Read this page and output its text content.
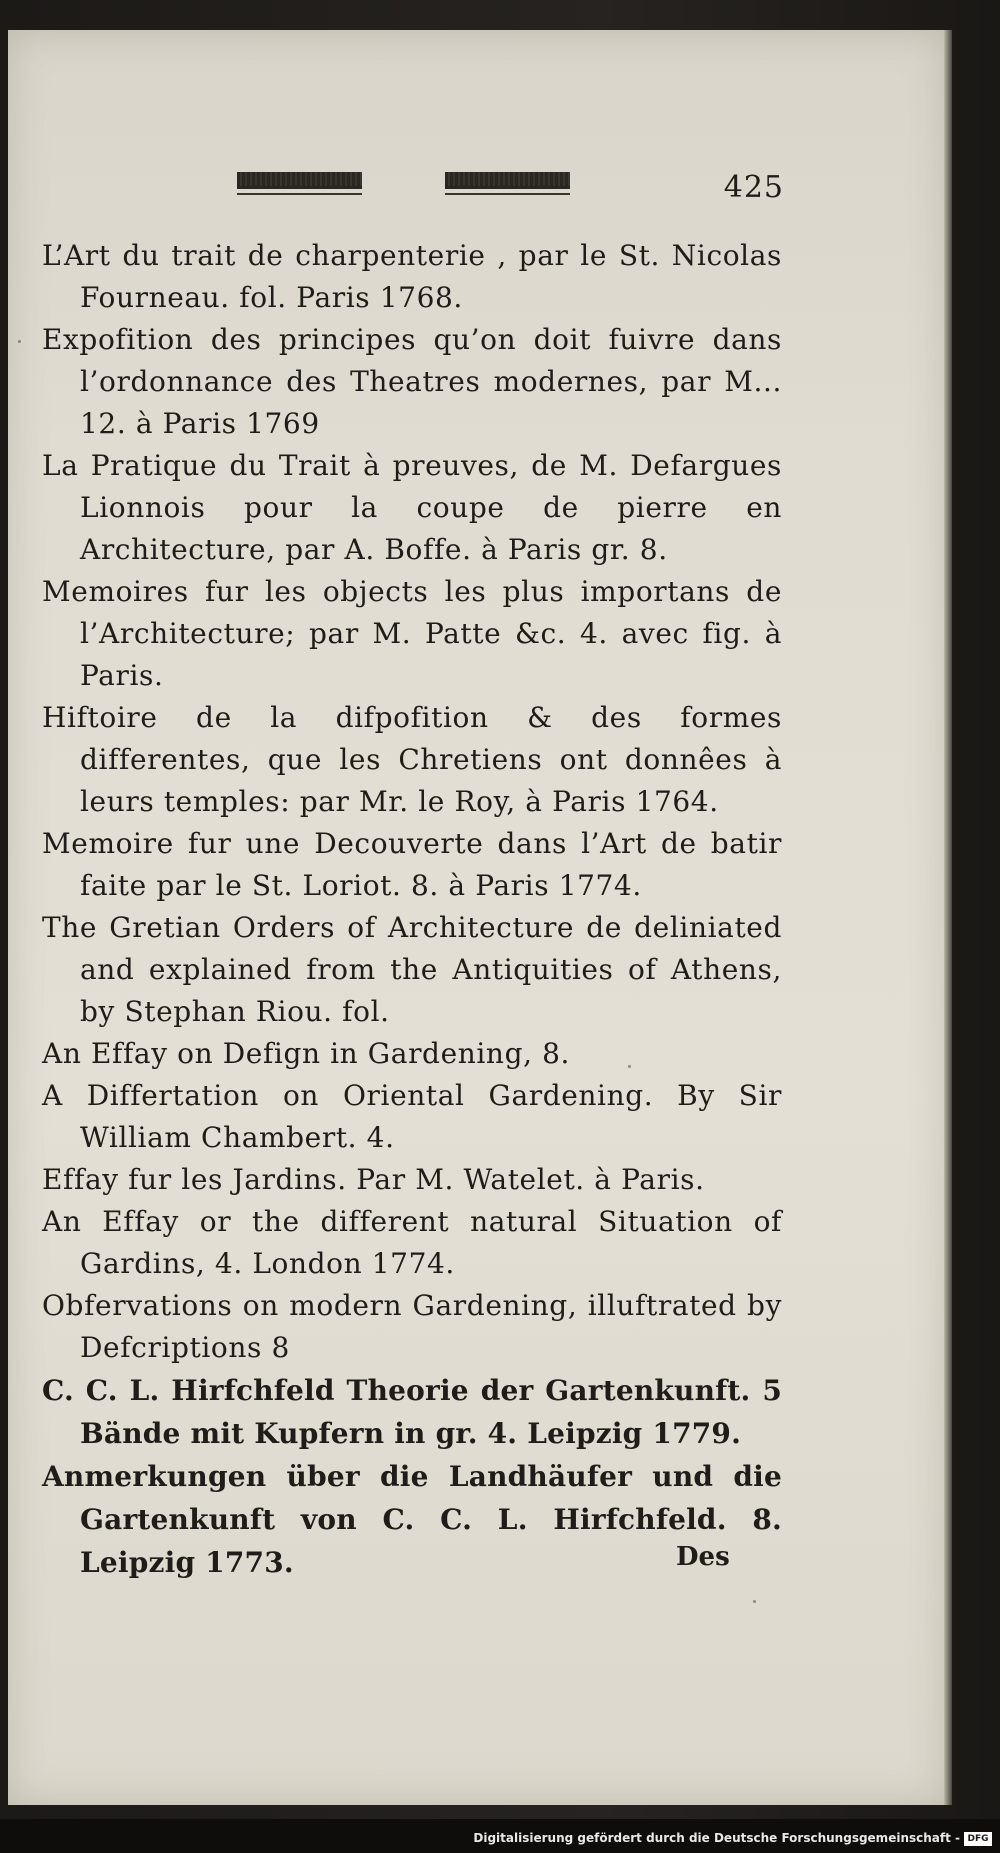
425

L’Art du trait de charpenterie , par le St. Nicolas Fourneau. fol. Paris 1768.

Expofition des principes qu’on doit fuivre dans l’ordonnance des Theatres modernes, par M... 12. à Paris 1769

La Pratique du Trait à preuves, de M. Defargues Lionnois pour la coupe de pierre en Architecture, par A. Boffe. à Paris gr. 8.

Memoires fur les objects les plus importans de l’Architecture; par M. Patte &c. 4. avec fig. à Paris.

Hiftoire de la difpofition & des formes differentes, que les Chretiens ont donnêes à leurs temples: par Mr. le Roy, à Paris 1764.

Memoire fur une Decouverte dans l’Art de batir faite par le St. Loriot. 8. à Paris 1774.

The Gretian Orders of Architecture de deliniated and explained from the Antiquities of Athens, by Stephan Riou. fol.

An Effay on Defign in Gardening, 8.

A Differtation on Oriental Gardening. By Sir William Chambert. 4.

Effay fur les Jardins. Par M. Watelet. à Paris.

An Effay or the different natural Situation of Gardins, 4. London 1774.

Obfervations on modern Gardening, illuftrated by Defcriptions 8

C. C. L. Hirfchfeld Theorie der Gartenkunft. 5 Bände mit Kupfern in gr. 4. Leipzig 1779.

Anmerkungen über die Landhäufer und die Gartenkunft von C. C. L. Hirfchfeld. 8. Leipzig 1773.	Des
Digitalisierung gefördert durch die Deutsche Forschungsgemeinschaft - DFG
